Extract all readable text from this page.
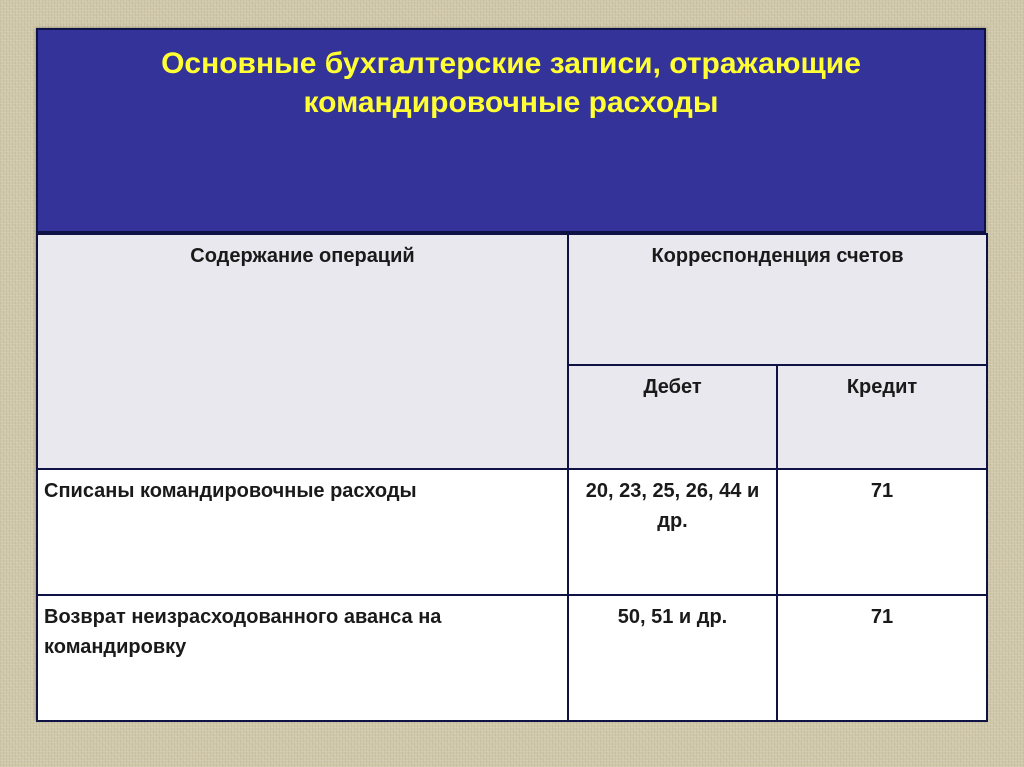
Основные бухгалтерские записи, отражающие
командировочные расходы
Содержание операций	Корреспонденция счетов	

	Дебет	Кредит

Списаны командировочные расходы	20, 23, 25, 26, 44 и др.	71

Возврат неизрасходованного аванса на командировку	50, 51 и др.	71
